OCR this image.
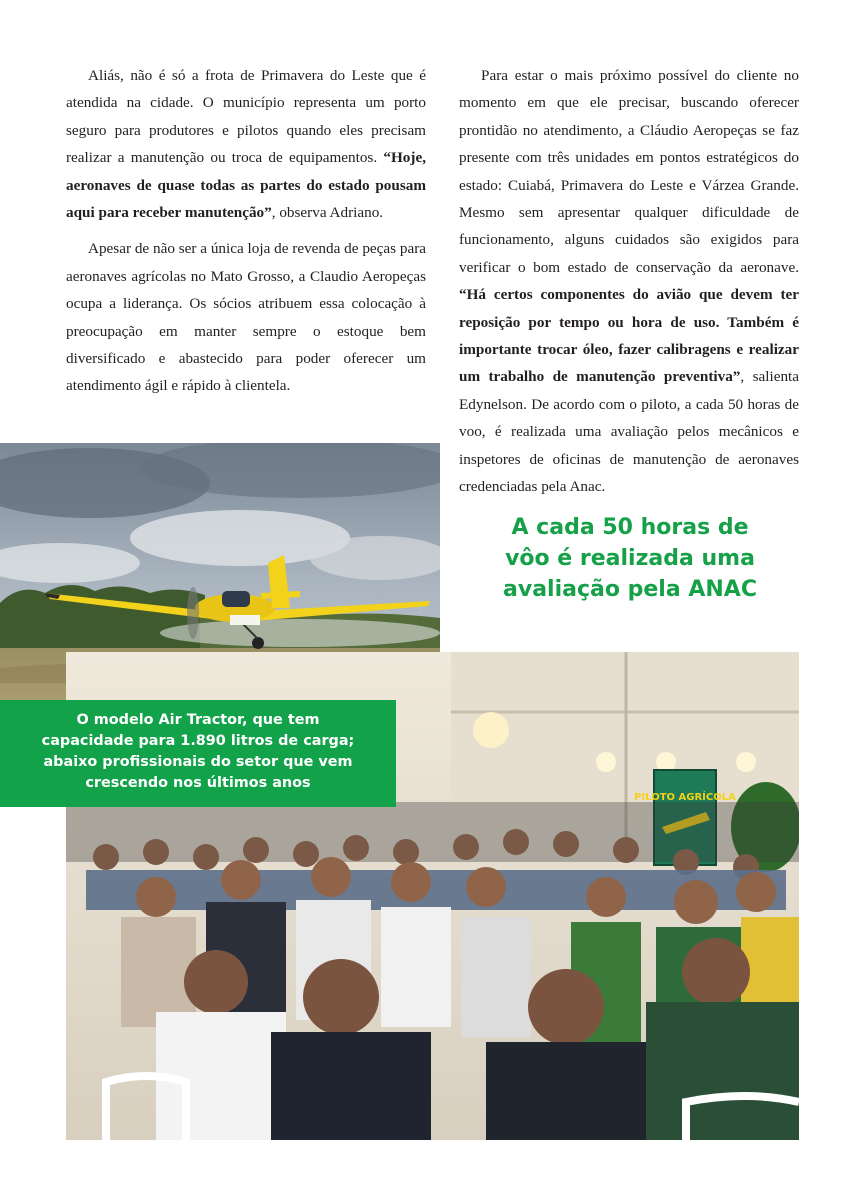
Aliás, não é só a frota de Primavera do Leste que é atendida na cidade. O município representa um porto seguro para produtores e pilotos quando eles precisam realizar a manutenção ou troca de equipamentos. “Hoje, aeronaves de quase todas as partes do estado pousam aqui para receber manutenção”, observa Adriano.

Apesar de não ser a única loja de revenda de peças para aeronaves agrícolas no Mato Grosso, a Claudio Aeropeças ocupa a liderança. Os sócios atribuem essa colocação à preocupação em manter sempre o estoque bem diversificado e abastecido para poder oferecer um atendimento ágil e rápido à clientela.

Para estar o mais próximo possível do cliente no momento em que ele precisar, buscando oferecer prontidão no atendimento, a Cláudio Aeropeças se faz presente com três unidades em pontos estratégicos do estado: Cuiabá, Primavera do Leste e Várzea Grande. Mesmo sem apresentar qualquer dificuldade de funcionamento, alguns cuidados são exigidos para verificar o bom estado de conservação da aeronave. “Há certos componentes do avião que devem ter reposição por tempo ou hora de uso. Também é importante trocar óleo, fazer calibragens e realizar um trabalho de manutenção preventiva”, salienta Edynelson. De acordo com o piloto, a cada 50 horas de voo, é realizada uma avaliação pelos mecânicos e inspetores de oficinas de manutenção de aeronaves credenciadas pela Anac.

A cada 50 horas de vôo é realizada uma avaliação pela ANAC
PILOTO AGRÍCOLA
O modelo Air Tractor, que tem capacidade para 1.890 litros de carga; abaixo profissionais do setor que vem crescendo nos últimos anos
